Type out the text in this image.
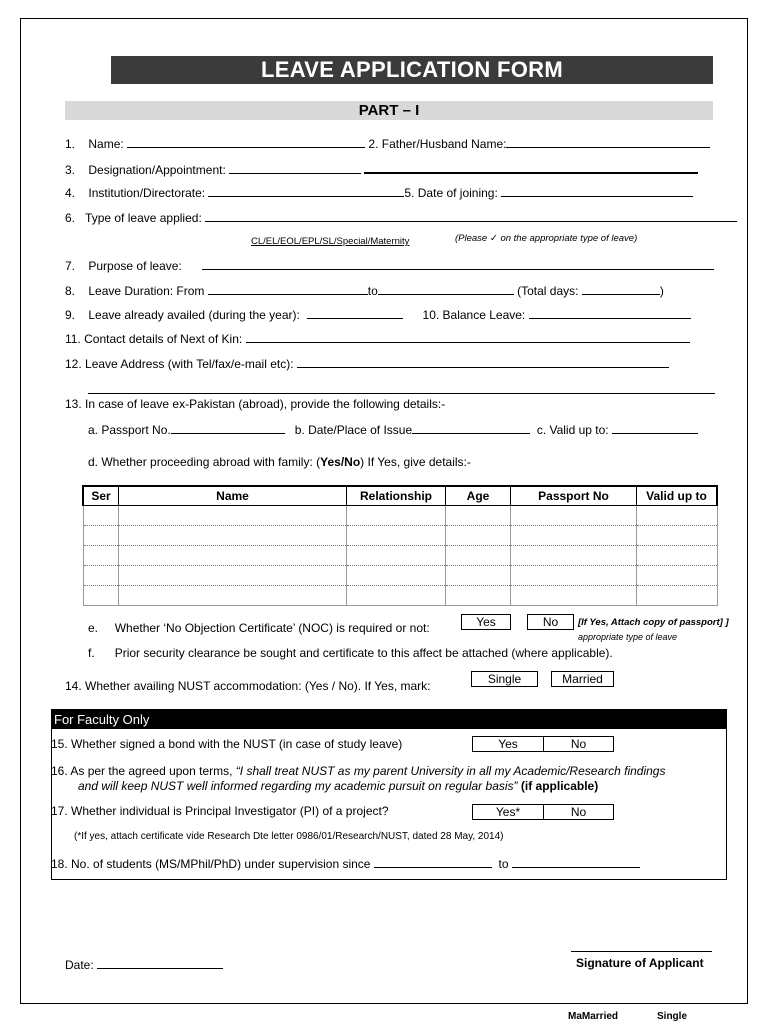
LEAVE APPLICATION FORM
PART – I
1. Name:	2. Father/Husband Name:
3. Designation/Appointment:
4. Institution/Directorate:	5. Date of joining:
6. Type of leave applied:
CL/EL/EOL/EPL/SL/Special/Maternity	(Please ✓ on the appropriate type of leave)
7. Purpose of leave:
8. Leave Duration: From	to	(Total days:	)
9. Leave already availed (during the year):	10. Balance Leave:
11. Contact details of Next of Kin:
12. Leave Address (with Tel/fax/e-mail etc):
13. In case of leave ex-Pakistan (abroad), provide the following details:-
a. Passport No.	b. Date/Place of Issue	c. Valid up to:
d. Whether proceeding abroad with family: (Yes/No) If Yes, give details:-
Ser	Name	Relationship	Age	Passport No	Valid up to

e. Whether ‘No Objection Certificate’ (NOC) is required or not:	Yes	No	[If Yes, Attach copy of passport] ]
appropriate type of leave
f. Prior security clearance be sought and certificate to this affect be attached (where applicable).
14. Whether availing NUST accommodation: (Yes / No). If Yes, mark:	Single	Married
For Faculty Only
15. Whether signed a bond with the NUST (in case of study leave)	Yes	No
16. As per the agreed upon terms, “I shall treat NUST as my parent University in all my Academic/Research findings
and will keep NUST well informed regarding my academic pursuit on regular basis” (if applicable)
17. Whether individual is Principal Investigator (PI) of a project?	Yes*	No
(*If yes, attach certificate vide Research Dte letter 0986/01/Research/NUST, dated 28 May, 2014)
18. No. of students (MS/MPhil/PhD) under supervision since	to
Date:	Signature of Applicant
MaMarried	Single
